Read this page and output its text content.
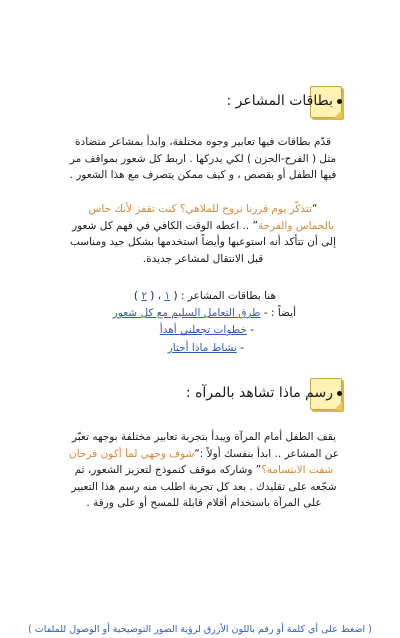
بطاقات المشاعر :
قدّم بطاقات فيها تعابير وجوه مختلفة، وابدأ بمشاعر متضادة مثل ( الفرح-الحزن ) لكي يدركها . اربط كل شعور بمواقف مر فيها الطفل أو بقصص ، و كيف ممكن يتصرف مع هذا الشعور .
“تتذكّر يوم قررنا نروح للملاهي؟ كنت تقفز لأنك حاس بالحماس والفرحة” .. اعطه الوقت الكافي في فهم كل شعور إلى أن تتأكد أنه استوعبها وأيضاً استخدمها بشكل جيد ومناسب قبل الانتقال لمشاعر جديدة.
هنا بطاقات المشاعر : ( ١ ، ( ٢ )
أيضاً : - طرق التعامل السليم مع كل شعور
- خطوات تجعلني أهدأ
- نشاط ماذا أختار
رسم ماذا تشاهد بالمرآه :
يقف الطفل أمام المرآة ويبدأ بتجربة تعابير مختلفة بوجهه تعبّر عن المشاعر .. ابدأ بنفسك أولاً :“شوف وجهي لما أكون فرحان شفت الابتسامة؟” وشاركه موقف كنموذج لتعزيز الشعور، ثم شجّعه على تقليدك . بعد كل تجربة اطلب منه رسم هذا التعبير على المرآة باستخدام أقلام قابلة للمسح أو على ورقة .
( اضغط على أي كلمة أو رقم باللون الأزرق لرؤية الصور التوضيحية أو الوصول للملفات )
